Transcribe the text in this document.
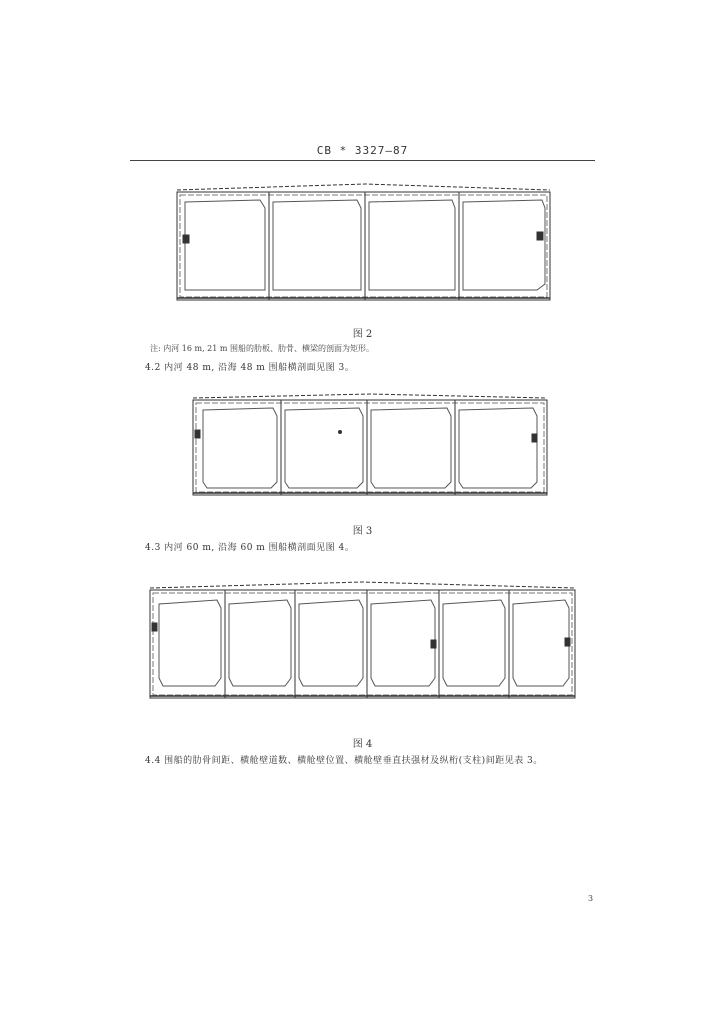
CB * 3327—87
图 2
注: 内河 16 m, 21 m 围船的肋板、肋骨、横梁的剖面为矩形。
4.2 内河 48 m, 沿海 48 m 围船横剖面见图 3。
图 3
4.3 内河 60 m, 沿海 60 m 围船横剖面见图 4。
图 4
4.4 围船的肋骨间距、横舱壁道数、横舱壁位置、横舱壁垂直扶强材及纵桁(支柱)间距见表 3。
3
